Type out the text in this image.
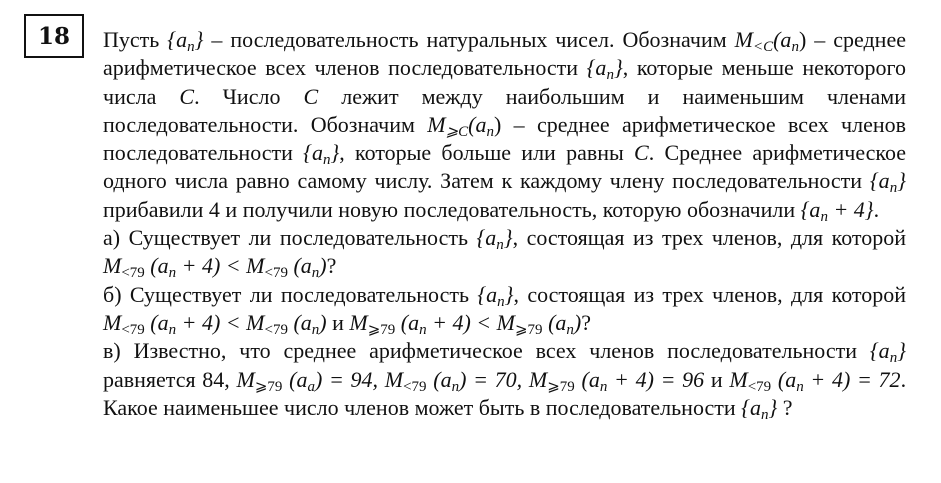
18 Пусть $\{a_n\}$ – последовательность натуральных чисел. Обозначим $M_{<C}(a_n)$ – среднее арифметическое всех членов последовательности $\{a_n\}$, которые меньше некоторого числа C. Число C лежит между наибольшим и наименьшим членами последовательности. Обозначим $M_{⩾C}(a_n)$ – среднее арифметическое всех членов последовательности $\{a_n\}$, которые больше или равны C. Среднее арифметическое одного числа равно самому числу. Затем к каждому члену последовательности $\{a_n\}$ прибавили 4 и получили новую последовательность, которую обозначили $\{a_n + 4\}$.

а) Существует ли последовательность $\{a_n\}$, состоящая из трех членов, для которой $M_{<79}$ $(a_n + 4) < M_{<79}$ $(a_n)$?

б) Существует ли последовательность $\{a_n\}$, состоящая из трех членов, для которой $M_{<79}$ $(a_n + 4) < M_{<79}$ $(a_n)$ и $M_{⩾79}$ $(a_n + 4) < M_{⩾79}$ $(a_n)$?

в) Известно, что среднее арифметическое всех членов последовательности $\{a_n\}$ равняется 84, $M_{⩾79}$ $(a_a) = 94$, $M_{<79}$ $(a_n) = 70$, $M_{⩾79}$ $(a_n + 4) = 96$ и $M_{<79}$ $(a_n + 4) = 72$. Какое наименьшее число членов может быть в последовательности $\{a_n\}$ ?
